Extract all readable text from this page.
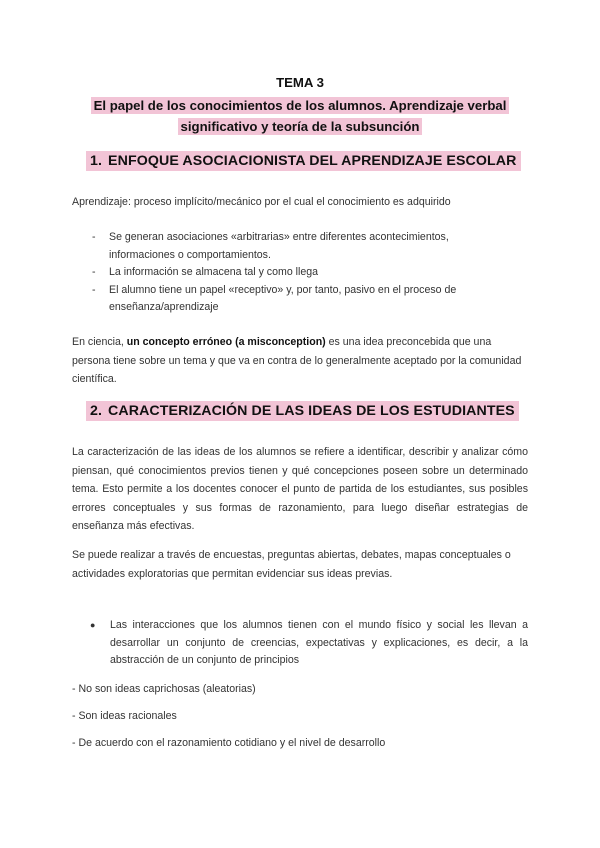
TEMA 3
El papel de los conocimientos de los alumnos. Aprendizaje verbal
significativo y teoría de la subsunción
1. ENFOQUE ASOCIACIONISTA DEL APRENDIZAJE ESCOLAR
Aprendizaje: proceso implícito/mecánico por el cual el conocimiento es adquirido
- Se generan asociaciones «arbitrarias» entre diferentes acontecimientos, informaciones o comportamientos.
- La información se almacena tal y como llega
- El alumno tiene un papel «receptivo» y, por tanto, pasivo en el proceso de enseñanza/aprendizaje
En ciencia, un concepto erróneo (a misconception) es una idea preconcebida que una persona tiene sobre un tema y que va en contra de lo generalmente aceptado por la comunidad científica.
2. CARACTERIZACIÓN DE LAS IDEAS DE LOS ESTUDIANTES
La caracterización de las ideas de los alumnos se refiere a identificar, describir y analizar cómo piensan, qué conocimientos previos tienen y qué concepciones poseen sobre un determinado tema. Esto permite a los docentes conocer el punto de partida de los estudiantes, sus posibles errores conceptuales y sus formas de razonamiento, para luego diseñar estrategias de enseñanza más efectivas.
Se puede realizar a través de encuestas, preguntas abiertas, debates, mapas conceptuales o actividades exploratorias que permitan evidenciar sus ideas previas.
● Las interacciones que los alumnos tienen con el mundo físico y social les llevan a desarrollar un conjunto de creencias, expectativas y explicaciones, es decir, a la abstracción de un conjunto de principios
- No son ideas caprichosas (aleatorias)
- Son ideas racionales
- De acuerdo con el razonamiento cotidiano y el nivel de desarrollo
